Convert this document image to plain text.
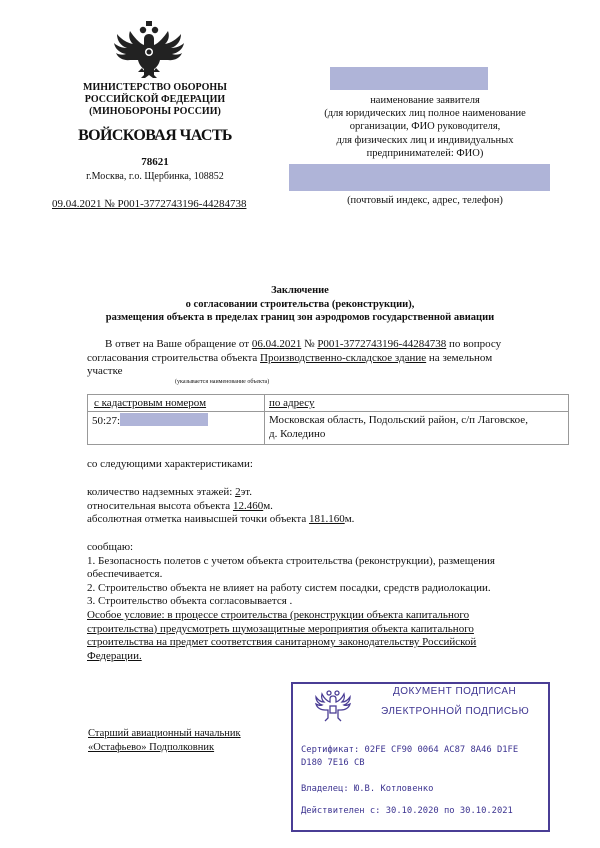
МИНИСТЕРСТВО ОБОРОНЫ
РОССИЙСКОЙ ФЕДЕРАЦИИ
(МИНОБОРОНЫ РОССИИ)
ВОЙСКОВАЯ ЧАСТЬ
78621
г.Москва, г.о. Щербинка, 108852
09.04.2021 № Р001-3772743196-44284738
наименование заявителя
(для юридических лиц полное наименование
организации, ФИО руководителя,
для физических лиц и индивидуальных
предпринимателей: ФИО)
(почтовый индекс, адрес, телефон)
Заключение
о согласовании строительства (реконструкции),
размещения объекта в пределах границ зон аэродромов государственной авиации
В ответ на Ваше обращение от 06.04.2021 № Р001-3772743196-44284738 по вопросу
согласования строительства объекта Производственно-складское здание на земельном
участке
(указывается наименование объекта)
с кадастровым номером	по адресу
50:27:	Московская область, Подольский район, с/п Лаговское,
д. Коледино
со следующими характеристиками:
количество надземных этажей: 2эт.
относительная высота объекта 12.460м.
абсолютная отметка наивысшей точки объекта 181.160м.
сообщаю:
1. Безопасность полетов с учетом объекта строительства (реконструкции), размещения
обеспечивается.
2. Строительство объекта не влияет на работу систем посадки, средств радиолокации.
3. Строительство объекта согласовывается .
Особое условие: в процессе строительства (реконструкции объекта капитального
строительства) предусмотреть шумозащитные мероприятия объекта капитального
строительства на предмет соответствия санитарному законодательству Российской
Федерации.
Старший авиационный начальник
«Остафьево» Подполковник
ДОКУМЕНТ ПОДПИСАН
ЭЛЕКТРОННОЙ ПОДПИСЬЮ
Сертификат: 02FE CF90 0064 AC87 8A46 D1FE
D180 7E16 CB
Владелец: Ю.В. Котловенко
Действителен с: 30.10.2020 по 30.10.2021
